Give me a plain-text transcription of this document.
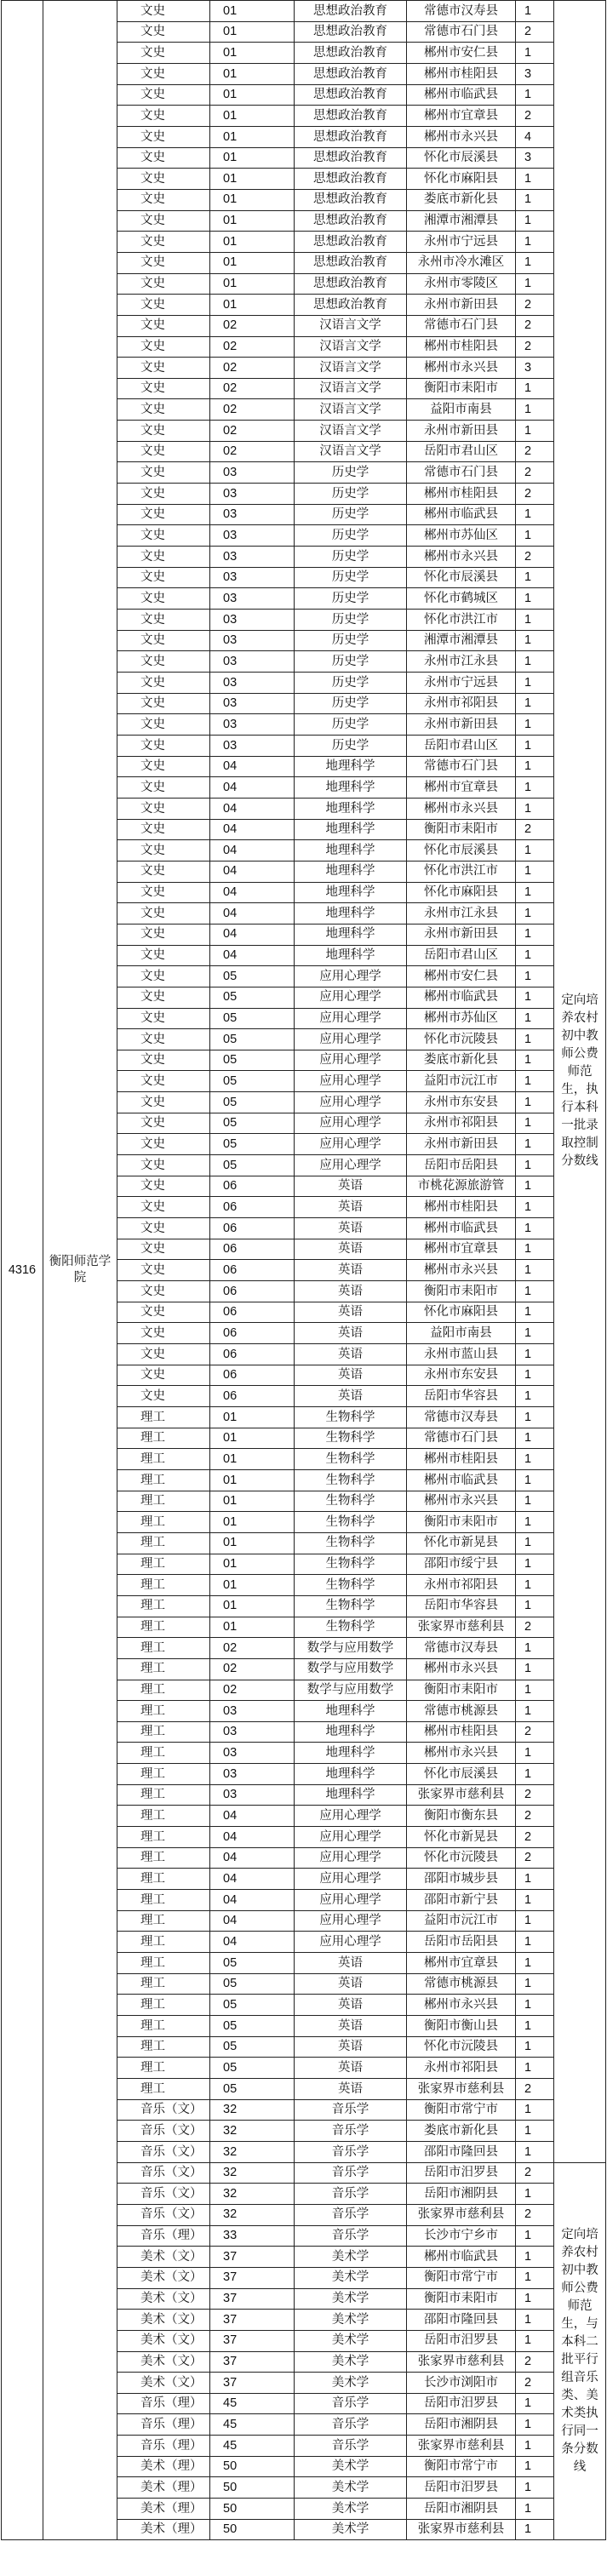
4316	衡阳师范学院	文史	01	思想政治教育	常德市汉寿县	1	定向培养农村初中教师公费师范生，执行本科一批录取控制分数线
		文史	01	思想政治教育	常德市石门县	2	
		文史	01	思想政治教育	郴州市安仁县	1	
		文史	01	思想政治教育	郴州市桂阳县	3	
		文史	01	思想政治教育	郴州市临武县	1	
		文史	01	思想政治教育	郴州市宜章县	2	
		文史	01	思想政治教育	郴州市永兴县	4	
		文史	01	思想政治教育	怀化市辰溪县	3	
		文史	01	思想政治教育	怀化市麻阳县	1	
		文史	01	思想政治教育	娄底市新化县	1	
		文史	01	思想政治教育	湘潭市湘潭县	1	
		文史	01	思想政治教育	永州市宁远县	1	
		文史	01	思想政治教育	永州市冷水滩区	1	
		文史	01	思想政治教育	永州市零陵区	1	
		文史	01	思想政治教育	永州市新田县	2	
		文史	02	汉语言文学	常德市石门县	2	
		文史	02	汉语言文学	郴州市桂阳县	2	
		文史	02	汉语言文学	郴州市永兴县	3	
		文史	02	汉语言文学	衡阳市耒阳市	1	
		文史	02	汉语言文学	益阳市南县	1	
		文史	02	汉语言文学	永州市新田县	1	
		文史	02	汉语言文学	岳阳市君山区	2	
		文史	03	历史学	常德市石门县	2	
		文史	03	历史学	郴州市桂阳县	2	
		文史	03	历史学	郴州市临武县	1	
		文史	03	历史学	郴州市苏仙区	1	
		文史	03	历史学	郴州市永兴县	2	
		文史	03	历史学	怀化市辰溪县	1	
		文史	03	历史学	怀化市鹤城区	1	
		文史	03	历史学	怀化市洪江市	1	
		文史	03	历史学	湘潭市湘潭县	1	
		文史	03	历史学	永州市江永县	1	
		文史	03	历史学	永州市宁远县	1	
		文史	03	历史学	永州市祁阳县	1	
		文史	03	历史学	永州市新田县	1	
		文史	03	历史学	岳阳市君山区	1	
		文史	04	地理科学	常德市石门县	1	
		文史	04	地理科学	郴州市宜章县	1	
		文史	04	地理科学	郴州市永兴县	1	
		文史	04	地理科学	衡阳市耒阳市	2	
		文史	04	地理科学	怀化市辰溪县	1	
		文史	04	地理科学	怀化市洪江市	1	
		文史	04	地理科学	怀化市麻阳县	1	
		文史	04	地理科学	永州市江永县	1	
		文史	04	地理科学	永州市新田县	1	
		文史	04	地理科学	岳阳市君山区	1	
		文史	05	应用心理学	郴州市安仁县	1	
		文史	05	应用心理学	郴州市临武县	1	
		文史	05	应用心理学	郴州市苏仙区	1	
		文史	05	应用心理学	怀化市沅陵县	1	
		文史	05	应用心理学	娄底市新化县	1	
		文史	05	应用心理学	益阳市沅江市	1	
		文史	05	应用心理学	永州市东安县	1	
		文史	05	应用心理学	永州市祁阳县	1	
		文史	05	应用心理学	永州市新田县	1	
		文史	05	应用心理学	岳阳市岳阳县	1	
		文史	06	英语	市桃花源旅游管	1	
		文史	06	英语	郴州市桂阳县	1	
		文史	06	英语	郴州市临武县	1	
		文史	06	英语	郴州市宜章县	1	
		文史	06	英语	郴州市永兴县	1	
		文史	06	英语	衡阳市耒阳市	1	
		文史	06	英语	怀化市麻阳县	1	
		文史	06	英语	益阳市南县	1	
		文史	06	英语	永州市蓝山县	1	
		文史	06	英语	永州市东安县	1	
		文史	06	英语	岳阳市华容县	1	
		理工	01	生物科学	常德市汉寿县	1	
		理工	01	生物科学	常德市石门县	1	
		理工	01	生物科学	郴州市桂阳县	1	
		理工	01	生物科学	郴州市临武县	1	
		理工	01	生物科学	郴州市永兴县	1	
		理工	01	生物科学	衡阳市耒阳市	1	
		理工	01	生物科学	怀化市新晃县	1	
		理工	01	生物科学	邵阳市绥宁县	1	
		理工	01	生物科学	永州市祁阳县	1	
		理工	01	生物科学	岳阳市华容县	1	
		理工	01	生物科学	张家界市慈利县	2	
		理工	02	数学与应用数学	常德市汉寿县	1	
		理工	02	数学与应用数学	郴州市永兴县	1	
		理工	02	数学与应用数学	衡阳市耒阳市	1	
		理工	03	地理科学	常德市桃源县	1	
		理工	03	地理科学	郴州市桂阳县	2	
		理工	03	地理科学	郴州市永兴县	1	
		理工	03	地理科学	怀化市辰溪县	1	
		理工	03	地理科学	张家界市慈利县	2	
		理工	04	应用心理学	衡阳市衡东县	2	
		理工	04	应用心理学	怀化市新晃县	2	
		理工	04	应用心理学	怀化市沅陵县	2	
		理工	04	应用心理学	邵阳市城步县	1	
		理工	04	应用心理学	邵阳市新宁县	1	
		理工	04	应用心理学	益阳市沅江市	1	
		理工	04	应用心理学	岳阳市岳阳县	1	
		理工	05	英语	郴州市宜章县	1	
		理工	05	英语	常德市桃源县	1	
		理工	05	英语	郴州市永兴县	1	
		理工	05	英语	衡阳市衡山县	1	
		理工	05	英语	怀化市沅陵县	1	
		理工	05	英语	永州市祁阳县	1	
		理工	05	英语	张家界市慈利县	2	
		音乐（文）	32	音乐学	衡阳市常宁市	1	
		音乐（文）	32	音乐学	娄底市新化县	1	
		音乐（文）	32	音乐学	邵阳市隆回县	1	
		音乐（文）	32	音乐学	岳阳市汨罗县	2	定向培养农村初中教师公费师范生，与本科二批平行组音乐类、美术类执行同一条分数线
		音乐（文）	32	音乐学	岳阳市湘阴县	1	
		音乐（文）	32	音乐学	张家界市慈利县	2	
		音乐（理）	33	音乐学	长沙市宁乡市	1	
		美术（文）	37	美术学	郴州市临武县	1	
		美术（文）	37	美术学	衡阳市常宁市	1	
		美术（文）	37	美术学	衡阳市耒阳市	1	
		美术（文）	37	美术学	邵阳市隆回县	1	
		美术（文）	37	美术学	岳阳市汨罗县	1	
		美术（文）	37	美术学	张家界市慈利县	2	
		美术（文）	37	美术学	长沙市浏阳市	2	
		音乐（理）	45	音乐学	岳阳市汨罗县	1	
		音乐（理）	45	音乐学	岳阳市湘阴县	1	
		音乐（理）	45	音乐学	张家界市慈利县	1	
		美术（理）	50	美术学	衡阳市常宁市	1	
		美术（理）	50	美术学	岳阳市汨罗县	1	
		美术（理）	50	美术学	岳阳市湘阴县	1	
		美术（理）	50	美术学	张家界市慈利县	1	
